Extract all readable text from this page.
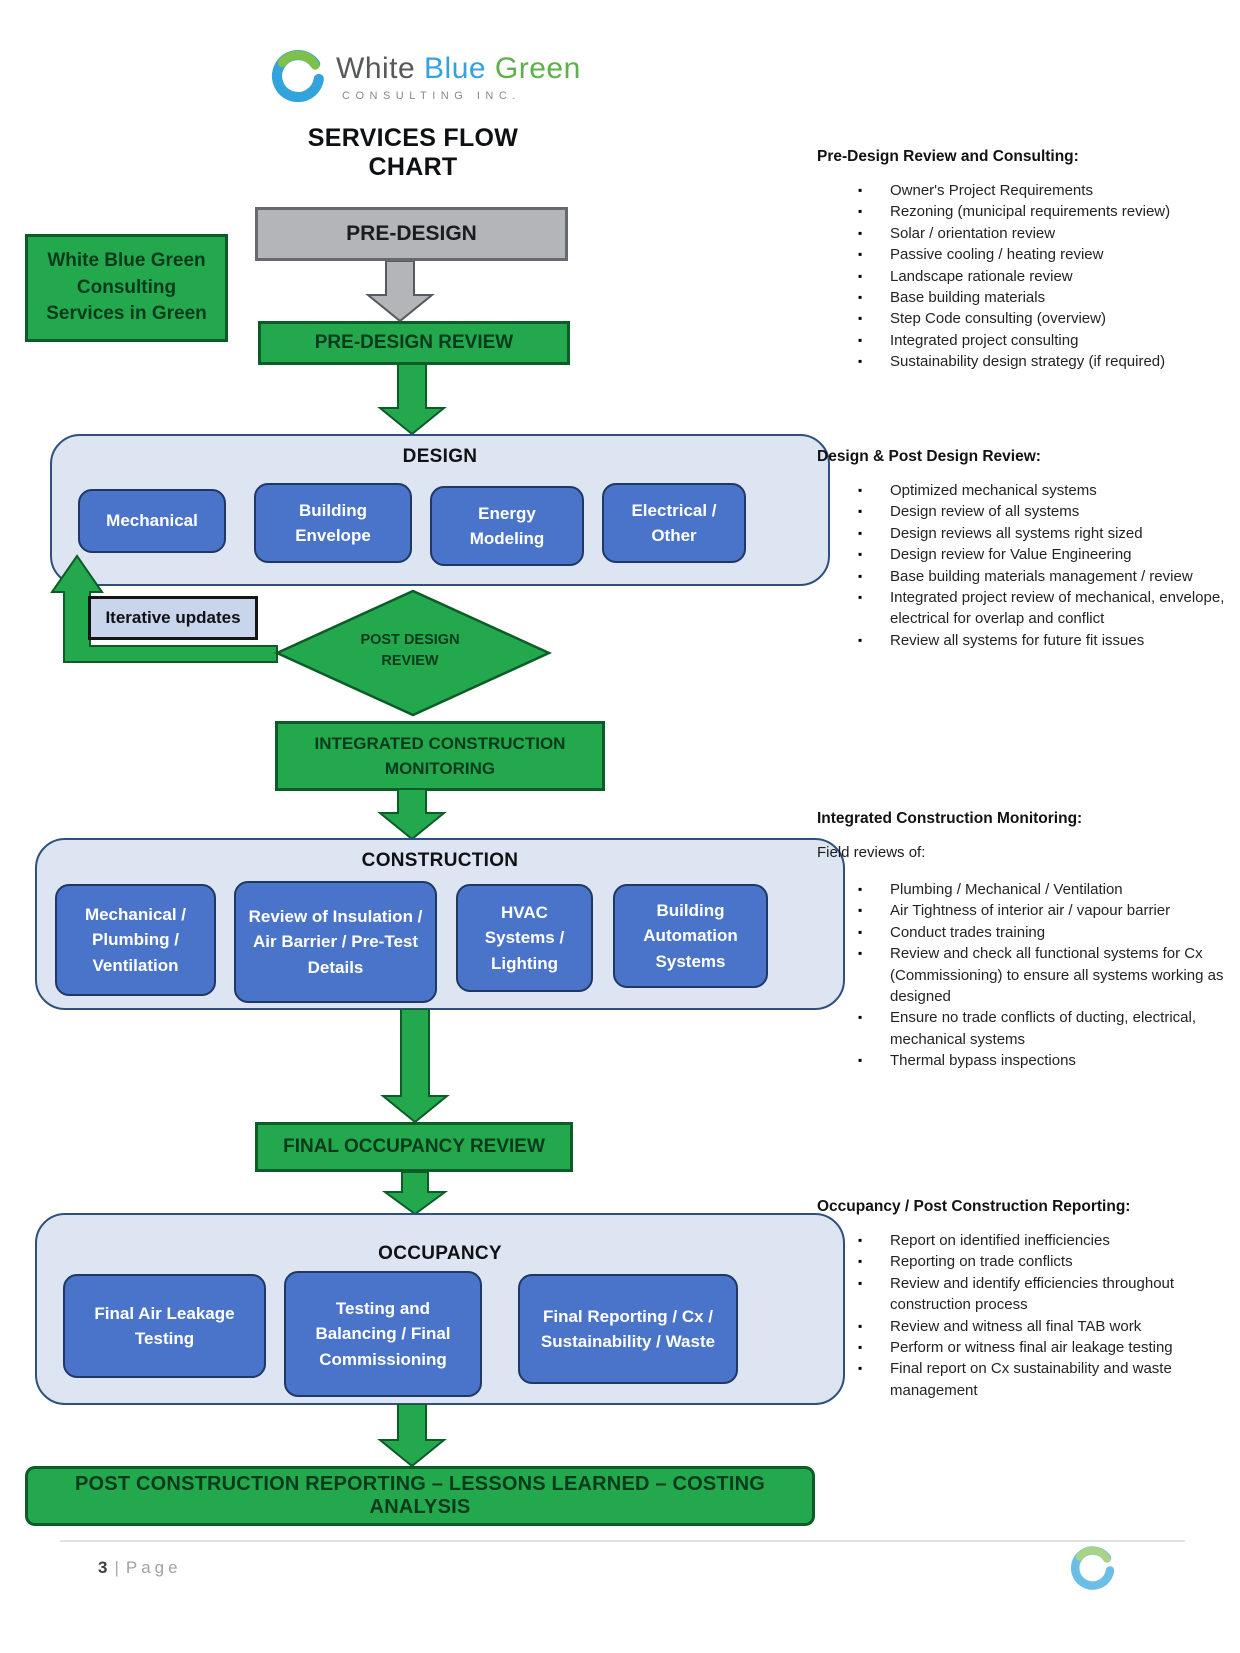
White Blue Green
CONSULTING INC.
SERVICES FLOW CHART
White Blue Green Consulting Services in Green
PRE-DESIGN
PRE-DESIGN REVIEW
DESIGN
Mechanical
Building Envelope
Energy Modeling
Electrical / Other
Iterative updates
POST DESIGN REVIEW
INTEGRATED CONSTRUCTION MONITORING
CONSTRUCTION
Mechanical / Plumbing / Ventilation
Review of Insulation / Air Barrier / Pre-Test Details
HVAC Systems / Lighting
Building Automation Systems
FINAL OCCUPANCY REVIEW
OCCUPANCY
Final Air Leakage Testing
Testing and Balancing / Final Commissioning
Final Reporting / Cx / Sustainability / Waste
POST CONSTRUCTION REPORTING – LESSONS LEARNED – COSTING ANALYSIS
Pre-Design Review and Consulting:
▪ Owner's Project Requirements
▪ Rezoning (municipal requirements review)
▪ Solar / orientation review
▪ Passive cooling / heating review
▪ Landscape rationale review
▪ Base building materials
▪ Step Code consulting (overview)
▪ Integrated project consulting
▪ Sustainability design strategy (if required)
Design & Post Design Review:
▪ Optimized mechanical systems
▪ Design review of all systems
▪ Design reviews all systems right sized
▪ Design review for Value Engineering
▪ Base building materials management / review
▪ Integrated project review of mechanical, envelope, electrical for overlap and conflict
▪ Review all systems for future fit issues
Integrated Construction Monitoring:

Field reviews of:

▪ Plumbing / Mechanical / Ventilation
▪ Air Tightness of interior air / vapour barrier
▪ Conduct trades training
▪ Review and check all functional systems for Cx (Commissioning) to ensure all systems working as designed
▪ Ensure no trade conflicts of ducting, electrical, mechanical systems
▪ Thermal bypass inspections
Occupancy / Post Construction Reporting:
▪ Report on identified inefficiencies
▪ Reporting on trade conflicts
▪ Review and identify efficiencies throughout construction process
▪ Review and witness all final TAB work
▪ Perform or witness final air leakage testing
▪ Final report on Cx sustainability and waste management
3 | Page
